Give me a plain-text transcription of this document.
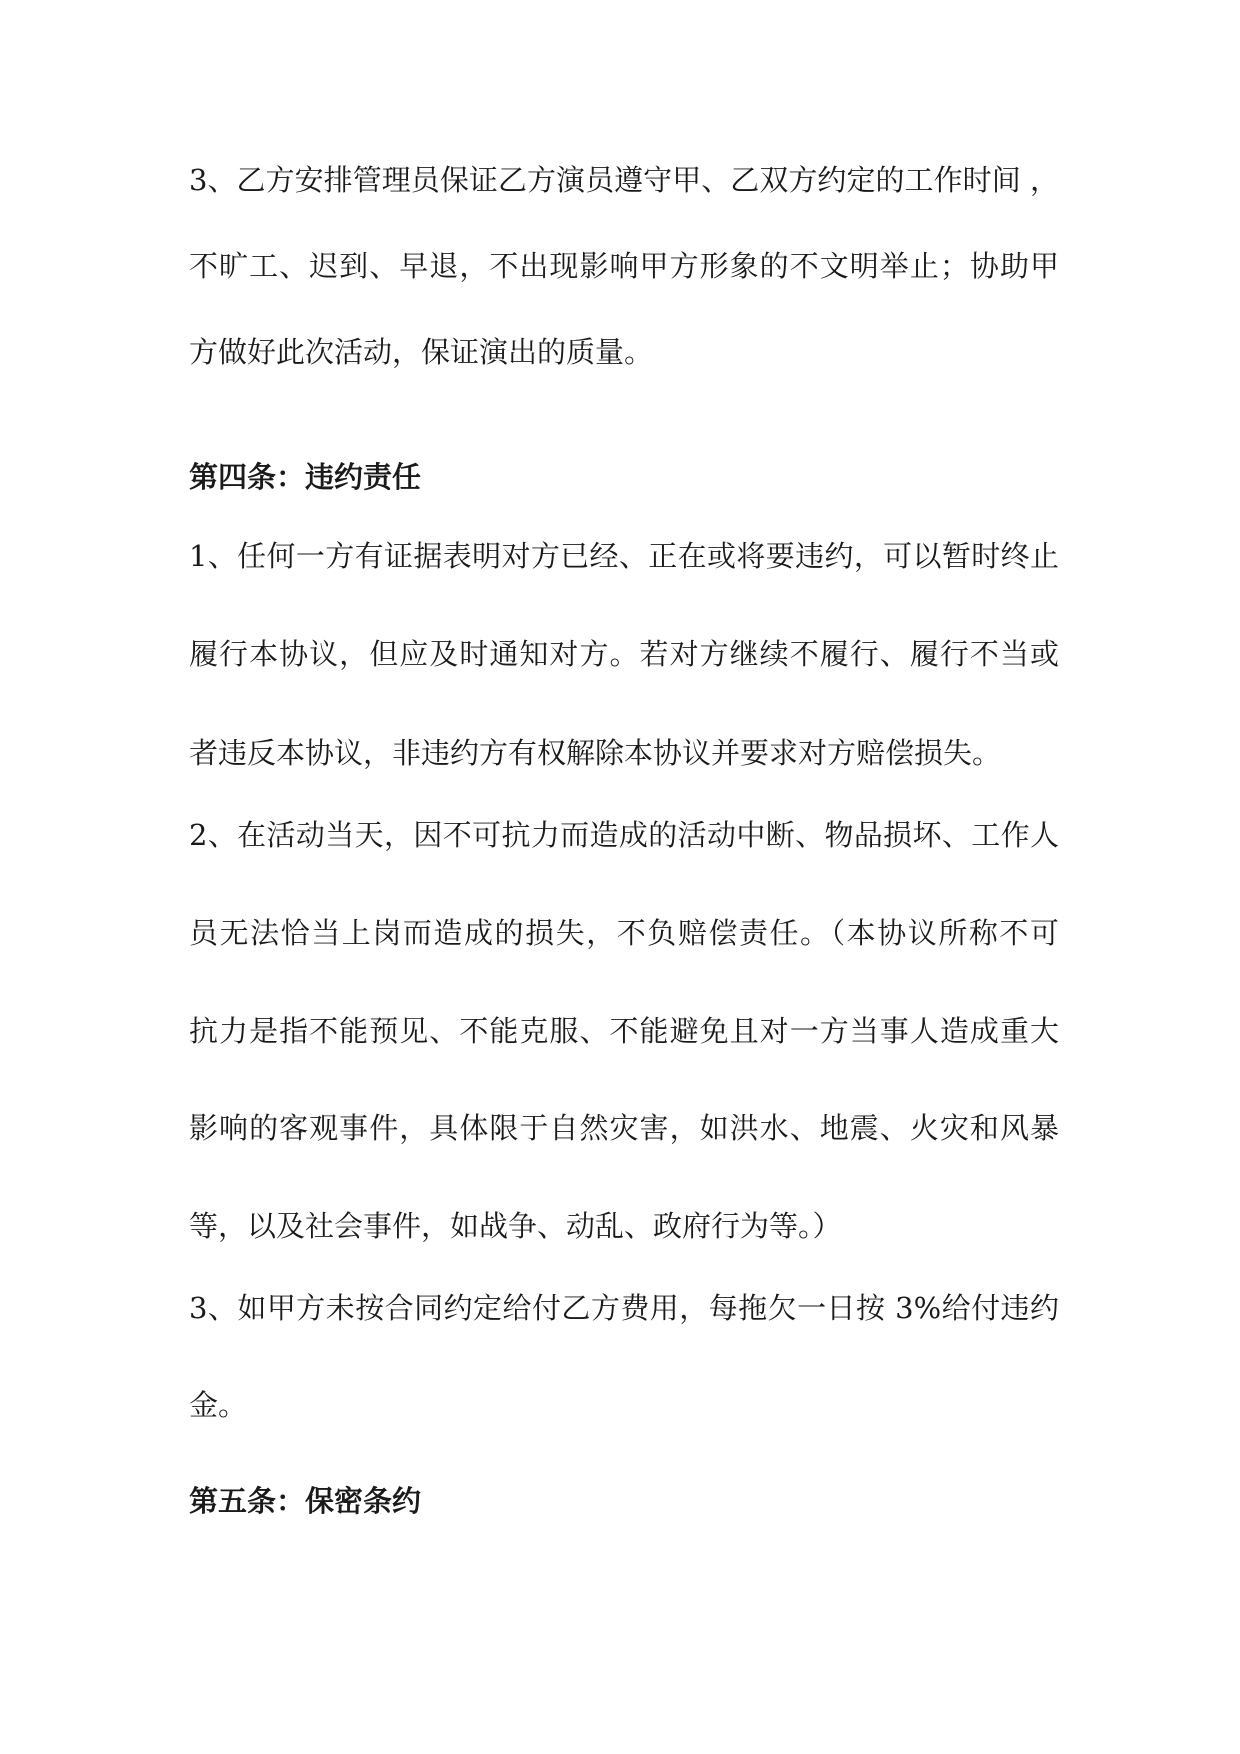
3、乙方安排管理员保证乙方演员遵守甲、乙双方约定的工作时间 ，
不旷工、迟到、早退，不出现影响甲方形象的不文明举止；协助甲
方做好此次活动，保证演出的质量。
第四条：违约责任
1、任何一方有证据表明对方已经、正在或将要违约，可以暂时终止
履行本协议，但应及时通知对方。若对方继续不履行、履行不当或
者违反本协议，非违约方有权解除本协议并要求对方赔偿损失。
2、在活动当天，因不可抗力而造成的活动中断、物品损坏、工作人
员无法恰当上岗而造成的损失，不负赔偿责任。（本协议所称不可
抗力是指不能预见、不能克服、不能避免且对一方当事人造成重大
影响的客观事件，具体限于自然灾害，如洪水、地震、火灾和风暴
等，以及社会事件，如战争、动乱、政府行为等。）
3、如甲方未按合同约定给付乙方费用，每拖欠一日按 3%给付违约
金。
第五条：保密条约
